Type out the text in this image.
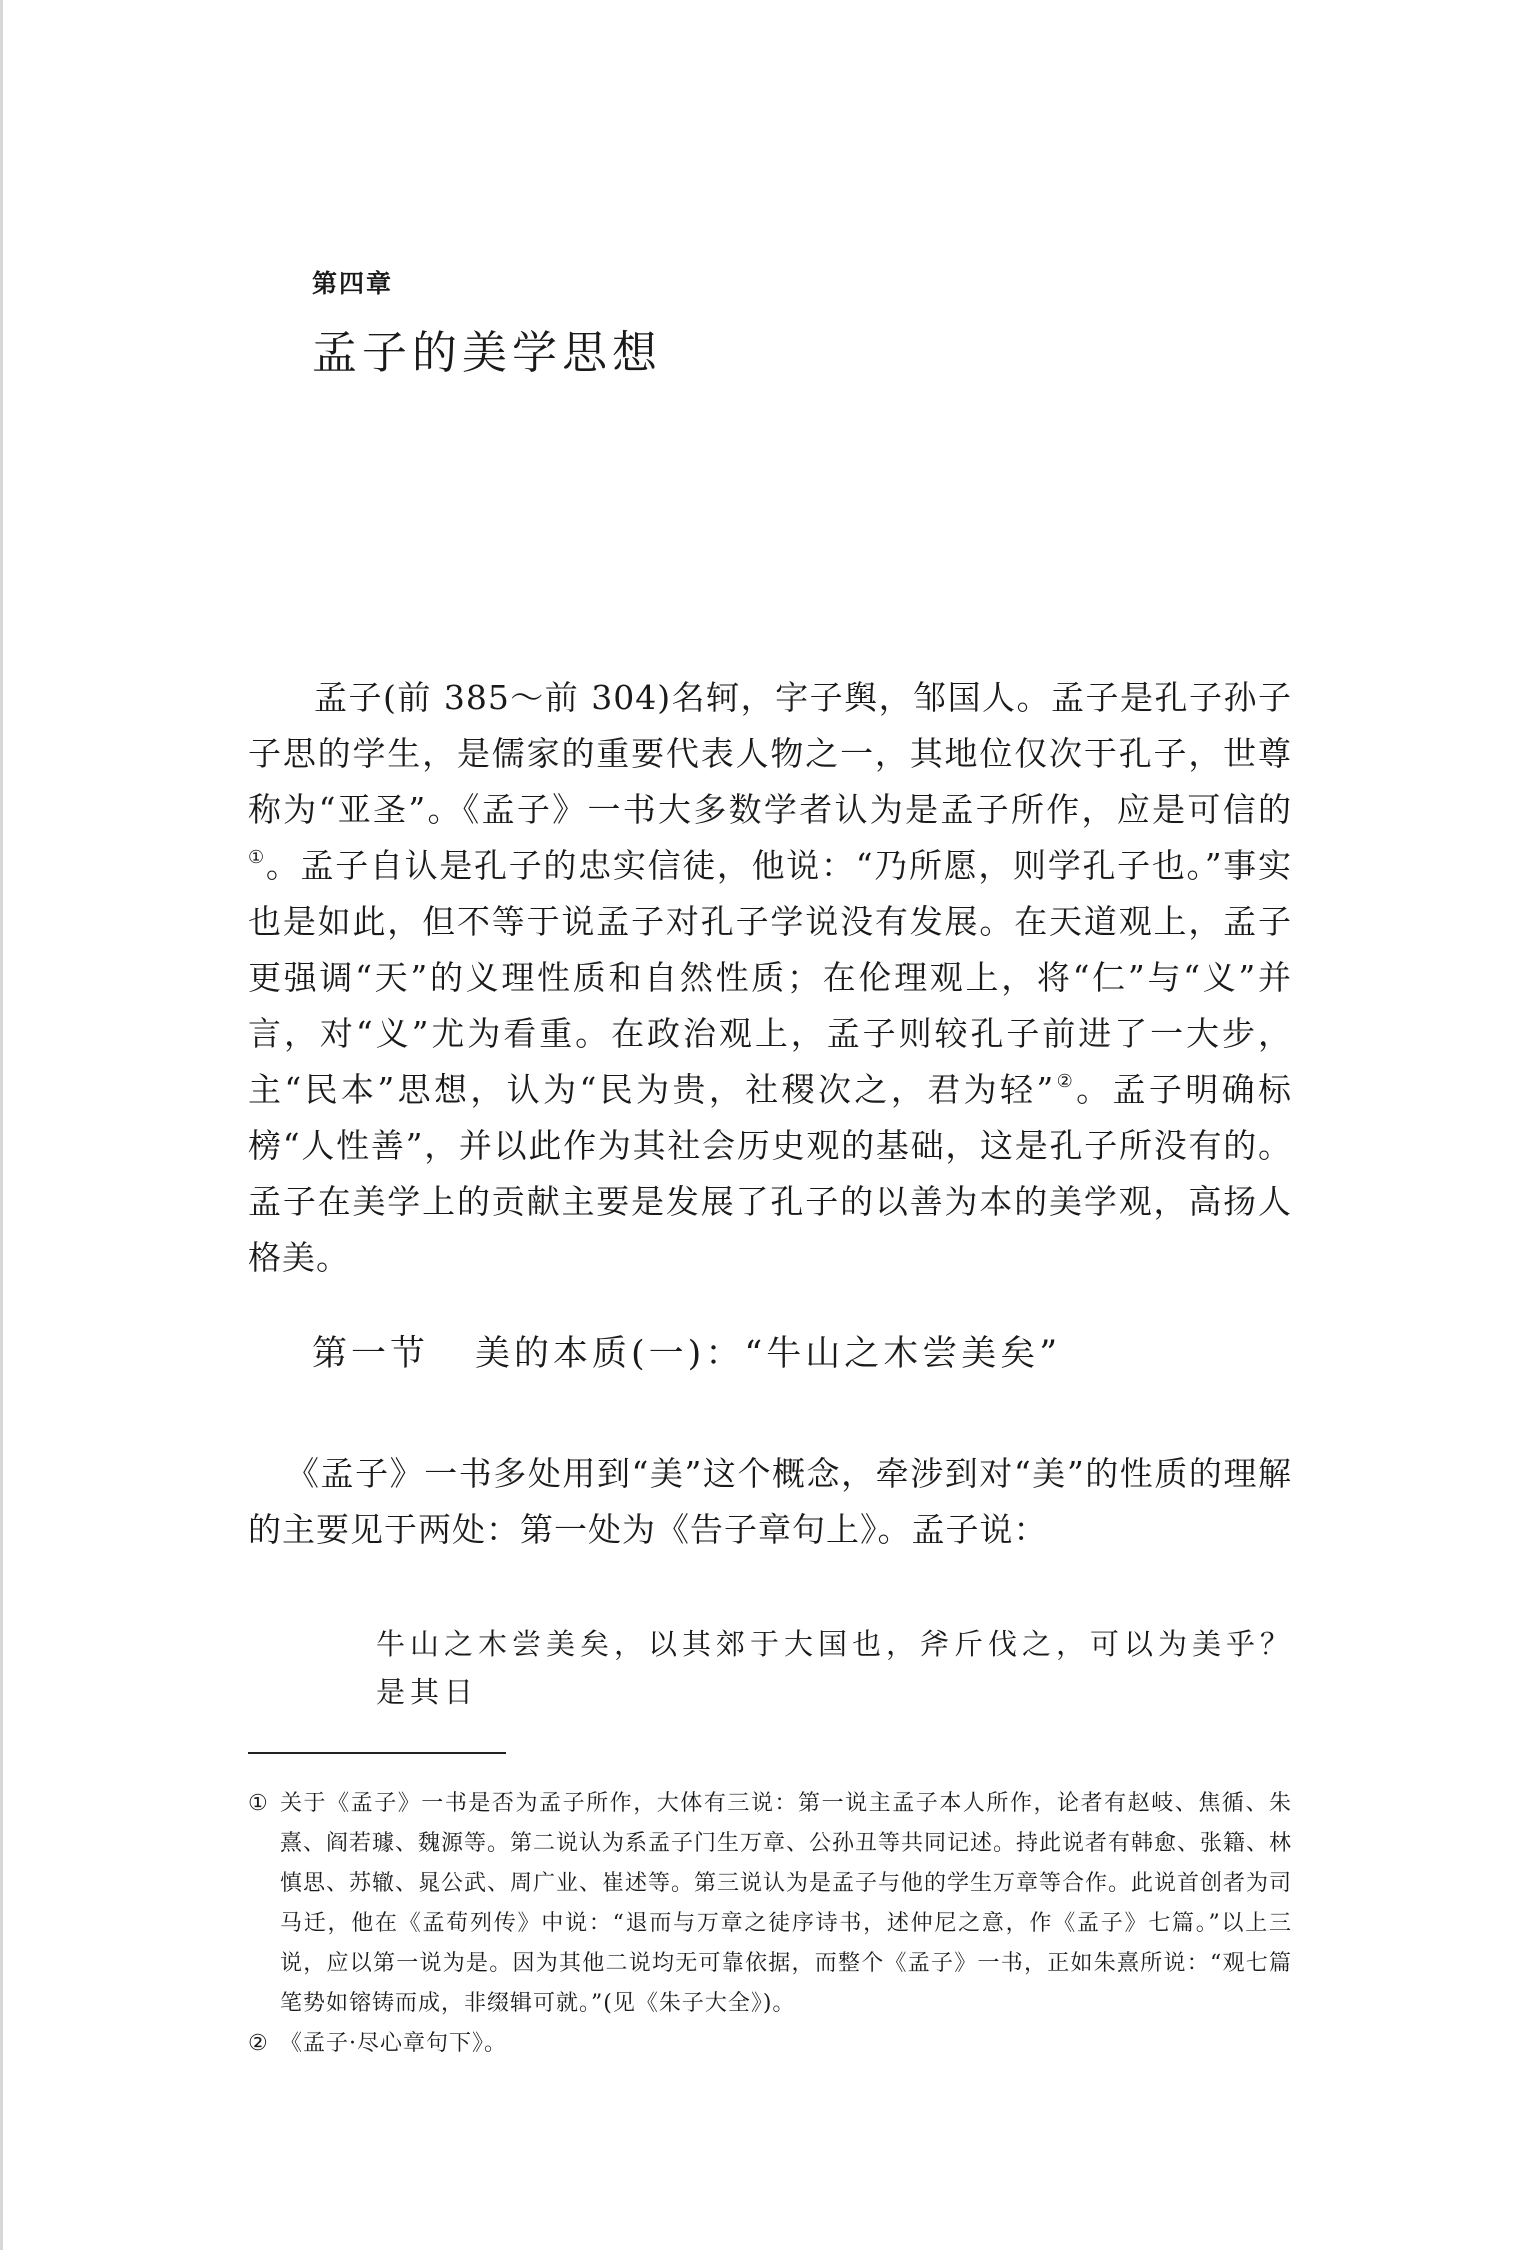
第四章
孟子的美学思想
孟子(前 385～前 304)名轲，字子舆，邹国人。孟子是孔子孙子子思的学生，是儒家的重要代表人物之一，其地位仅次于孔子，世尊称为“亚圣”。《孟子》一书大多数学者认为是孟子所作，应是可信的①。孟子自认是孔子的忠实信徒，他说：“乃所愿，则学孔子也。”事实也是如此，但不等于说孟子对孔子学说没有发展。在天道观上，孟子更强调“天”的义理性质和自然性质；在伦理观上，将“仁”与“义”并言，对“义”尤为看重。在政治观上，孟子则较孔子前进了一大步，主“民本”思想，认为“民为贵，社稷次之，君为轻”②。孟子明确标榜“人性善”，并以此作为其社会历史观的基础，这是孔子所没有的。孟子在美学上的贡献主要是发展了孔子的以善为本的美学观，高扬人格美。
第一节 美的本质(一)：“牛山之木尝美矣”
《孟子》一书多处用到“美”这个概念，牵涉到对“美”的性质的理解的主要见于两处：第一处为《告子章句上》。孟子说：
牛山之木尝美矣，以其郊于大国也，斧斤伐之，可以为美乎？是其日
① 关于《孟子》一书是否为孟子所作，大体有三说：第一说主孟子本人所作，论者有赵岐、焦循、朱熹、阎若璩、魏源等。第二说认为系孟子门生万章、公孙丑等共同记述。持此说者有韩愈、张籍、林慎思、苏辙、晁公武、周广业、崔述等。第三说认为是孟子与他的学生万章等合作。此说首创者为司马迁，他在《孟荀列传》中说：“退而与万章之徒序诗书，述仲尼之意，作《孟子》七篇。”以上三说，应以第一说为是。因为其他二说均无可靠依据，而整个《孟子》一书，正如朱熹所说：“观七篇笔势如镕铸而成，非缀辑可就。”(见《朱子大全》)。
② 《孟子·尽心章句下》。
